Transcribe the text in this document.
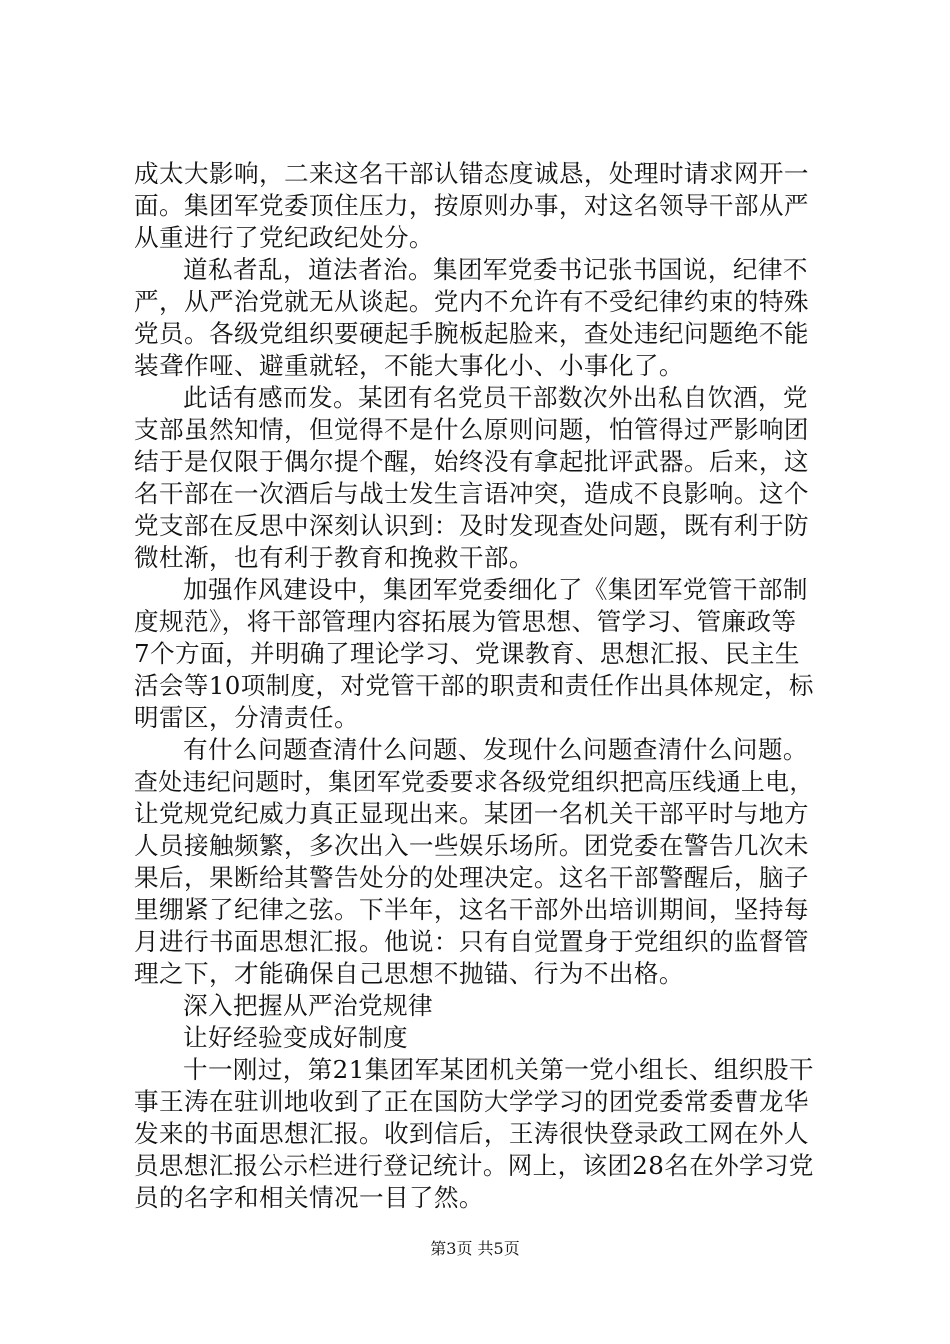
成太大影响，二来这名干部认错态度诚恳，处理时请求网开一
面。集团军党委顶住压力，按原则办事，对这名领导干部从严
从重进行了党纪政纪处分。
道私者乱，道法者治。集团军党委书记张书国说，纪律不
严，从严治党就无从谈起。党内不允许有不受纪律约束的特殊
党员。各级党组织要硬起手腕板起脸来，查处违纪问题绝不能
装聋作哑、避重就轻，不能大事化小、小事化了。
此话有感而发。某团有名党员干部数次外出私自饮酒，党
支部虽然知情，但觉得不是什么原则问题，怕管得过严影响团
结于是仅限于偶尔提个醒，始终没有拿起批评武器。后来，这
名干部在一次酒后与战士发生言语冲突，造成不良影响。这个
党支部在反思中深刻认识到：及时发现查处问题，既有利于防
微杜渐，也有利于教育和挽救干部。
加强作风建设中，集团军党委细化了《集团军党管干部制
度规范》，将干部管理内容拓展为管思想、管学习、管廉政等
7个方面，并明确了理论学习、党课教育、思想汇报、民主生
活会等10项制度，对党管干部的职责和责任作出具体规定，标
明雷区，分清责任。
有什么问题查清什么问题、发现什么问题查清什么问题。
查处违纪问题时，集团军党委要求各级党组织把高压线通上电，
让党规党纪威力真正显现出来。某团一名机关干部平时与地方
人员接触频繁，多次出入一些娱乐场所。团党委在警告几次未
果后，果断给其警告处分的处理决定。这名干部警醒后，脑子
里绷紧了纪律之弦。下半年，这名干部外出培训期间，坚持每
月进行书面思想汇报。他说：只有自觉置身于党组织的监督管
理之下，才能确保自己思想不抛锚、行为不出格。
深入把握从严治党规律
让好经验变成好制度
十一刚过，第21集团军某团机关第一党小组长、组织股干
事王涛在驻训地收到了正在国防大学学习的团党委常委曹龙华
发来的书面思想汇报。收到信后，王涛很快登录政工网在外人
员思想汇报公示栏进行登记统计。网上，该团28名在外学习党
员的名字和相关情况一目了然。
第3页 共5页
